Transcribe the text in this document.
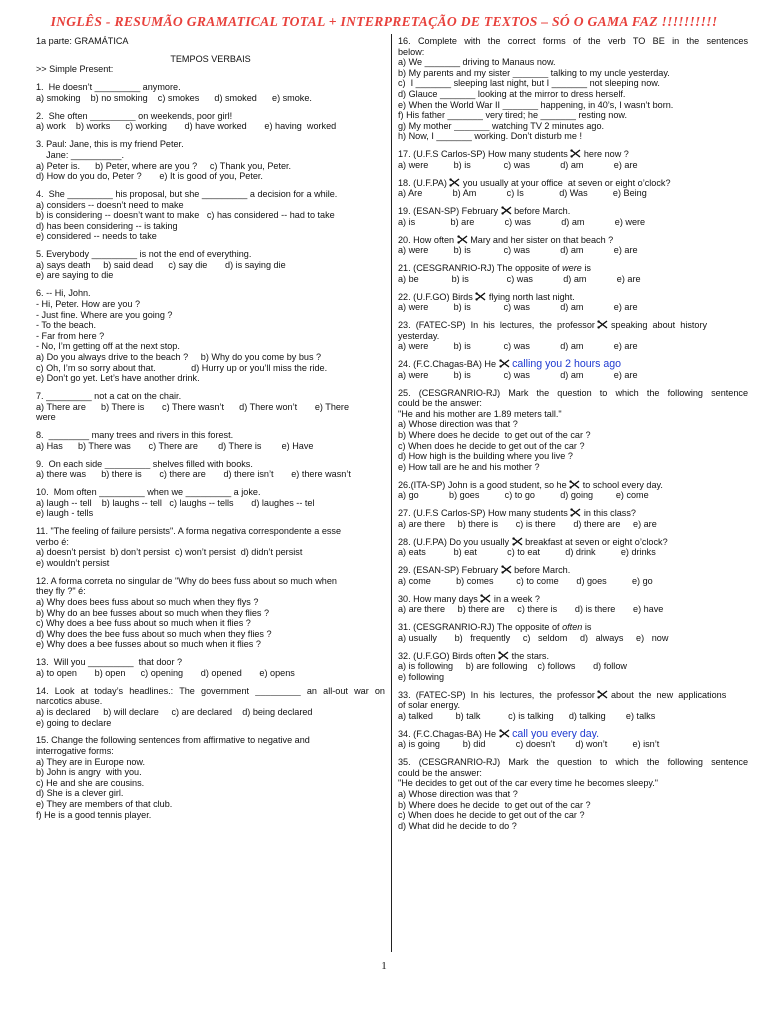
INGLÊS - RESUMÃO GRAMATICAL TOTAL + INTERPRETAÇÃO DE TEXTOS – SÓ O GAMA FAZ !!!!!!!!!!
1a parte: GRAMÁTICA
TEMPOS VERBAIS
>> Simple Present:
1.  He doesn’t _________ anymore.
a) smoking    b) no smoking    c) smokes      d) smoked      e) smoke.
2.  She often _________ on weekends, poor girl!
a) work    b) works      c) working       d) have worked       e) having  worked
3. Paul: Jane, this is my friend Peter.
Jane: __________.
a) Peter is.      b) Peter, where are you ?     c) Thank you, Peter.
d) How do you do, Peter ?       e) It is good of you, Peter.
4.  She _________ his proposal, but she _________ a decision for a while.
a) considers -- doesn’t need to make
b) is considering -- doesn’t want to make   c) has considered -- had to take
d) has been considering -- is taking
e) considered -- needs to take
5. Everybody _________ is not the end of everything.
a) says death     b) said dead      c) say die       d) is saying die
e) are saying to die
6. -- Hi, John.
- Hi, Peter. How are you ?
- Just fine. Where are you going ?
- To the beach.
- Far from here ?
- No, I’m getting off at the next stop.
a) Do you always drive to the beach ?     b) Why do you come by bus ?
c) Oh, I’m so sorry about that.              d) Hurry up or you’ll miss the ride.
e) Don’t go yet. Let’s have another drink.
7. _________ not a cat on the chair.
a) There are      b) There is       c) There wasn’t      d) There won’t       e) There
were
8.  ________ many trees and rivers in this forest.
a) Has      b) There was       c) There are        d) There is        e) Have
9.  On each side _________ shelves filled with books.
a) there was      b) there is       c) there are       d) there isn’t       e) there wasn’t
10.  Mom often _________ when we _________ a joke.
a) laugh -- tell    b) laughs -- tell   c) laughs -- tells       d) laughes -- tel
e) laugh - tells
11. "The feeling of failure persists". A forma negativa correspondente a esse
verbo é:
a) doesn’t persist  b) don’t persist  c) won’t persist  d) didn’t persist
e) wouldn’t persist
12. A forma correta no singular de "Why do bees fuss about so much when
they fly ?" é:
a) Why does bees fuss about so much when they flys ?
b) Why do an bee fusses about so much when they flies ?
c) Why does a bee fuss about so much when it flies ?
d) Why does the bee fuss about so much when they flies ?
e) Why does a bee fusses about so much when it flies ?
13.  Will you _________  that door ?
a) to open       b) open      c) opening       d) opened       e) opens
14. Look at today’s headlines.: The government _________ an all-out war on
narcotics abuse.
a) is declared     b) will declare     c) are declared    d) being declared
e) going to declare
15. Change the following sentences from affirmative to negative and
interrogative forms:
a) They are in Europe now.
b) John is angry  with you.
c) He and she are cousins.
d) She is a clever girl.
e) They are members of that club.
f) He is a good tennis player.
16. Complete with the correct forms of the verb TO BE in the sentences
below:
a) We _______ driving to Manaus now.
b) My parents and my sister _______ talking to my uncle yesterday.
c)  I _______ sleeping last night, but I _______ not sleeping now.
d) Glauce _______ looking at the mirror to dress herself.
e) When the World War II _______ happening, in 40’s, I wasn’t born.
f) His father _______ very tired; he _______ resting now.
g) My mother _______ watching TV 2 minutes ago.
h) Now, I _______ working. Don’t disturb me !
17. (U.F.S Carlos-SP) How many students here now ?
a) were          b) is             c) was            d) am            e) are
18. (U.F.PA) you usually at your office  at seven or eight o’clock?
a) Are            b) Am            c) Is              d) Was          e) Being
19. (ESAN-SP) February before March.
a) is              b) are            c) was            d) am            e) were
20. How often Mary and her sister on that beach ?
a) were          b) is             c) was            d) am            e) are
21. (CESGRANRIO-RJ) The opposite of were is
a) be             b) is               c) was            d) am            e) are
22. (U.F.GO) Birds flying north last night.
a) were          b) is             c) was            d) am            e) are
23.  (FATEC-SP)  In  his  lectures,  the  professor speaking  about  history
yesterday.
a) were          b) is             c) was            d) am            e) are
24. (F.C.Chagas-BA) He calling you 2 hours ago
a) were          b) is             c) was            d) am            e) are
25. (CESGRANRIO-RJ) Mark the question to which the following sentence
could be the answer:
"He and his mother are 1.89 meters tall."
a) Whose direction was that ?
b) Where does he decide  to get out of the car ?
c) When does he decide to get out of the car ?
d) How high is the building where you live ?
e) How tall are he and his mother ?
26.(ITA-SP) John is a good student, so he to school every day.
a) go            b) goes          c) to go          d) going         e) come
27. (U.F.S Carlos-SP) How many students in this class?
a) are there     b) there is       c) is there       d) there are     e) are
28. (U.F.PA) Do you usually breakfast at seven or eight o’clock?
a) eats           b) eat            c) to eat          d) drink          e) drinks
29. (ESAN-SP) February before March.
a) come          b) comes         c) to come       d) goes          e) go
30. How many days in a week ?
a) are there     b) there are     c) there is       d) is there       e) have
31. (CESGRANRIO-RJ) The opposite of often is
a) usually       b)   frequently     c)   seldom     d)   always     e)   now
32. (U.F.GO) Birds often the stars.
a) is following     b) are following    c) follows       d) follow
e) following
33.  (FATEC-SP)  In  his  lectures,  the  professor about  the  new  applications
of solar energy.
a) talked         b) talk           c) is talking      d) talking        e) talks
34. (F.C.Chagas-BA) He call you every day.
a) is going         b) did            c) doesn’t        d) won’t          e) isn’t
35. (CESGRANRIO-RJ) Mark the question to which the following sentence
could be the answer:
"He decides to get out of the car every time he becomes sleepy."
a) Whose direction was that ?
b) Where does he decide  to get out of the car ?
c) When does he decide to get out of the car ?
d) What did he decide to do ?
1
